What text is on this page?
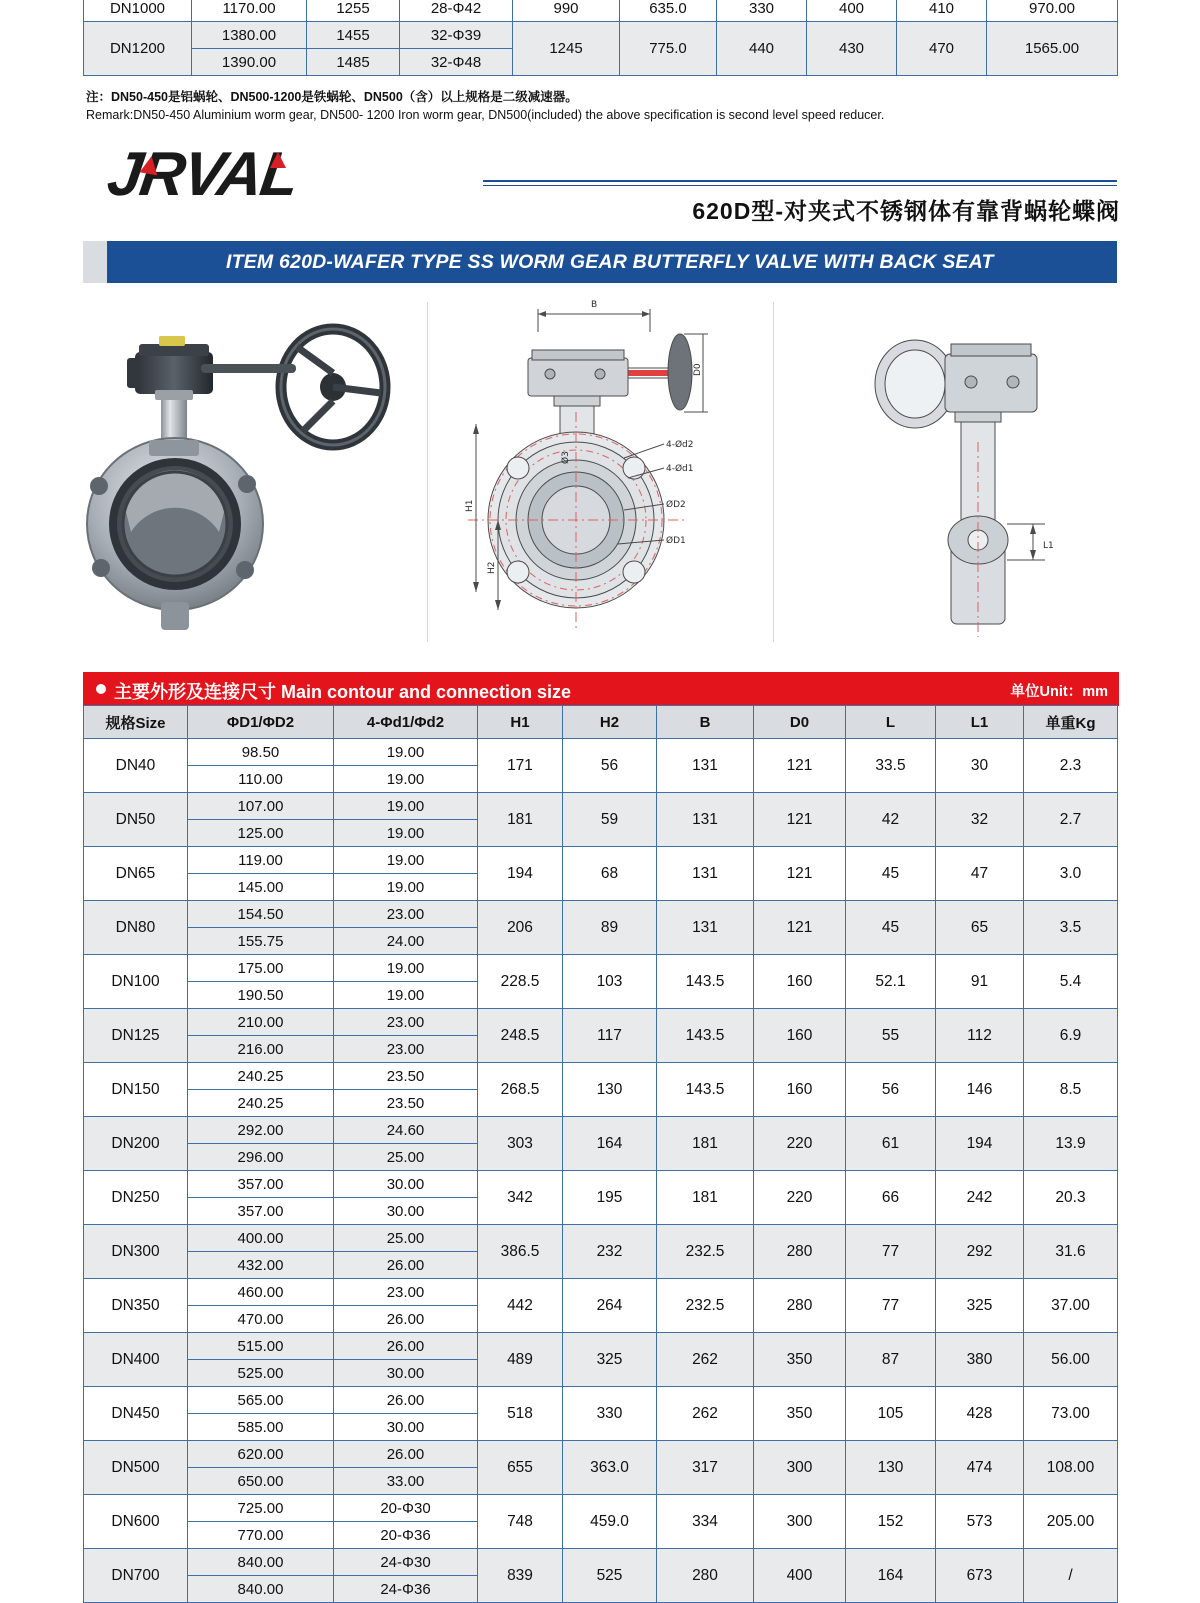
DN1000	1170.00	1255	28-Φ42	990	635.0	330	400	410	970.00
DN1200	1380.00	1455	32-Φ39	1245	775.0	440	430	470	1565.00
	1390.00	1485	32-Φ48						
注：DN50-450是铝蜗轮、DN500-1200是铁蜗轮、DN500（含）以上规格是二级减速器。
Remark:DN50-450 Aluminium worm gear, DN500- 1200 Iron worm gear, DN500(included) the above specification is second level speed reducer.
JRVAL
620D型-对夹式不锈钢体有靠背蜗轮蝶阀
ITEM 620D-WAFER TYPE SS WORM GEAR BUTTERFLY VALVE WITH BACK SEAT
B
D0
H1
H2
Ø3
4-Ød2
4-Ød1
ØD2
ØD1	L1
主要外形及连接尺寸 Main contour and connection size	单位Unit：mm
规格Size	ΦD1/ΦD2	4-Φd1/Φd2	H1	H2	B	D0	L	L1	单重Kg
DN40	98.50	19.00	171	56	131	121	33.5	30	2.3
	110.00	19.00							
DN50	107.00	19.00	181	59	131	121	42	32	2.7
	125.00	19.00							
DN65	119.00	19.00	194	68	131	121	45	47	3.0
	145.00	19.00							
DN80	154.50	23.00	206	89	131	121	45	65	3.5
	155.75	24.00							
DN100	175.00	19.00	228.5	103	143.5	160	52.1	91	5.4
	190.50	19.00							
DN125	210.00	23.00	248.5	117	143.5	160	55	112	6.9
	216.00	23.00							
DN150	240.25	23.50	268.5	130	143.5	160	56	146	8.5
	240.25	23.50							
DN200	292.00	24.60	303	164	181	220	61	194	13.9
	296.00	25.00							
DN250	357.00	30.00	342	195	181	220	66	242	20.3
	357.00	30.00							
DN300	400.00	25.00	386.5	232	232.5	280	77	292	31.6
	432.00	26.00							
DN350	460.00	23.00	442	264	232.5	280	77	325	37.00
	470.00	26.00							
DN400	515.00	26.00	489	325	262	350	87	380	56.00
	525.00	30.00							
DN450	565.00	26.00	518	330	262	350	105	428	73.00
	585.00	30.00							
DN500	620.00	26.00	655	363.0	317	300	130	474	108.00
	650.00	33.00							
DN600	725.00	20-Φ30	748	459.0	334	300	152	573	205.00
	770.00	20-Φ36							
DN700	840.00	24-Φ30	839	525	280	400	164	673	/
	840.00	24-Φ36							
